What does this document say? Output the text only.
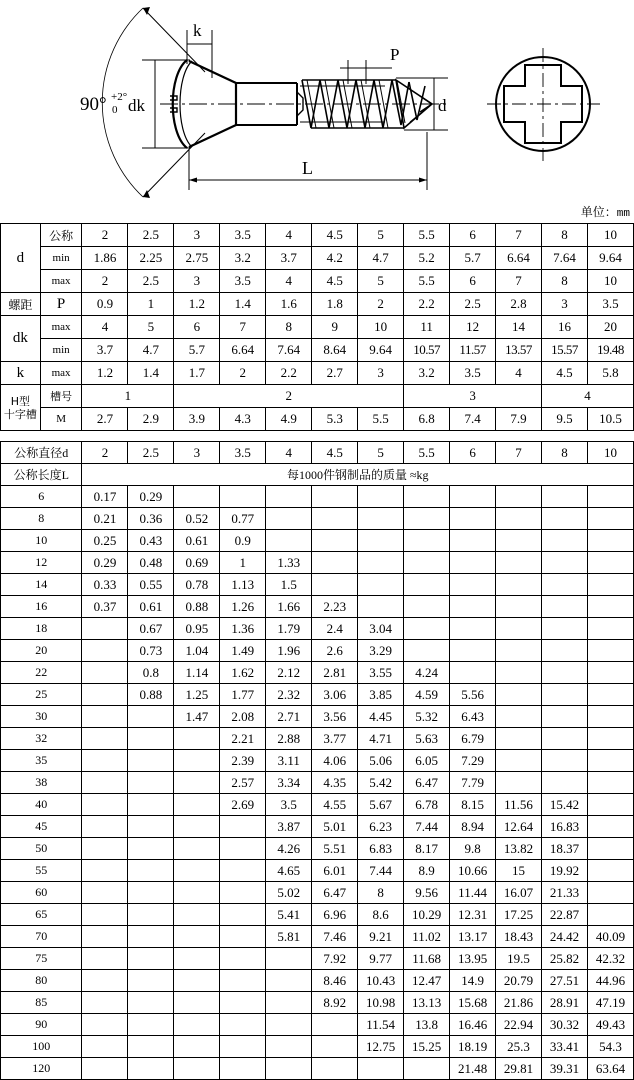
90° +2°
0
k
P
dk	d
L
单位：mm
d	公称	2	2.5	3	3.5	4	4.5	5	5.5	6	7	8	10
	min	1.86	2.25	2.75	3.2	3.7	4.2	4.7	5.2	5.7	6.64	7.64	9.64
	max	2	2.5	3	3.5	4	4.5	5	5.5	6	7	8	10
螺距	P	0.9	1	1.2	1.4	1.6	1.8	2	2.2	2.5	2.8	3	3.5
dk	max	4	5	6	7	8	9	10	11	12	14	16	20
	min	3.7	4.7	5.7	6.64	7.64	8.64	9.64	10.57	11.57	13.57	15.57	19.48
k	max	1.2	1.4	1.7	2	2.2	2.7	3	3.2	3.5	4	4.5	5.8

H型
十字槽	槽号	1		2					3			4	
	M	2.7	2.9	3.9	4.3	4.9	5.3	5.5	6.8	7.4	7.9	9.5	10.5
公称直径d	2	2.5	3	3.5	4	4.5	5	5.5	6	7	8	10
公称长度L	每1000件钢制品的质量 ≈kg											
6	0.17	0.29										
8	0.21	0.36	0.52	0.77								
10	0.25	0.43	0.61	0.9								
12	0.29	0.48	0.69	1	1.33							
14	0.33	0.55	0.78	1.13	1.5							
16	0.37	0.61	0.88	1.26	1.66	2.23						
18		0.67	0.95	1.36	1.79	2.4	3.04					
20		0.73	1.04	1.49	1.96	2.6	3.29					
22		0.8	1.14	1.62	2.12	2.81	3.55	4.24				
25		0.88	1.25	1.77	2.32	3.06	3.85	4.59	5.56			
30			1.47	2.08	2.71	3.56	4.45	5.32	6.43			
32				2.21	2.88	3.77	4.71	5.63	6.79			
35				2.39	3.11	4.06	5.06	6.05	7.29			
38				2.57	3.34	4.35	5.42	6.47	7.79			
40				2.69	3.5	4.55	5.67	6.78	8.15	11.56	15.42	
45					3.87	5.01	6.23	7.44	8.94	12.64	16.83	
50					4.26	5.51	6.83	8.17	9.8	13.82	18.37	
55					4.65	6.01	7.44	8.9	10.66	15	19.92	
60					5.02	6.47	8	9.56	11.44	16.07	21.33	
65					5.41	6.96	8.6	10.29	12.31	17.25	22.87	
70					5.81	7.46	9.21	11.02	13.17	18.43	24.42	40.09
75						7.92	9.77	11.68	13.95	19.5	25.82	42.32
80						8.46	10.43	12.47	14.9	20.79	27.51	44.96
85						8.92	10.98	13.13	15.68	21.86	28.91	47.19
90							11.54	13.8	16.46	22.94	30.32	49.43
100							12.75	15.25	18.19	25.3	33.41	54.3
120									21.48	29.81	39.31	63.64
